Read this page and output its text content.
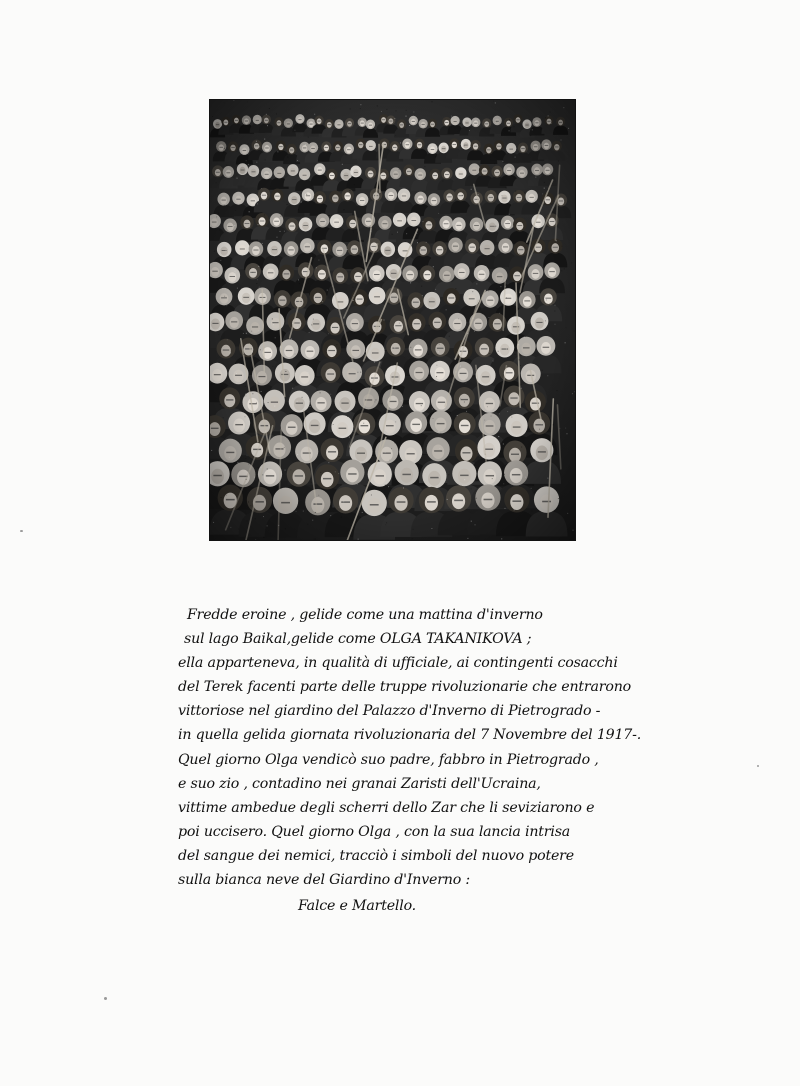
Fredde eroine , gelide come una mattina d'inverno
sul lago Baikal,gelide come OLGA TAKANIKOVA ;
ella apparteneva, in qualità di ufficiale, ai contingenti cosacchi
del Terek facenti parte delle truppe rivoluzionarie che entrarono
vittoriose nel giardino del Palazzo d'Inverno di Pietrogrado -
in quella gelida giornata rivoluzionaria del 7 Novembre del 1917-.
Quel giorno Olga vendicò suo padre, fabbro in Pietrogrado ,
e suo zio , contadino nei granai Zaristi dell'Ucraina,
vittime ambedue degli scherri dello Zar che li seviziarono e
poi uccisero. Quel giorno Olga , con la sua lancia intrisa
del sangue dei nemici, tracciò i simboli del nuovo potere
sulla bianca neve del Giardino d'Inverno :
Falce e Martello.
